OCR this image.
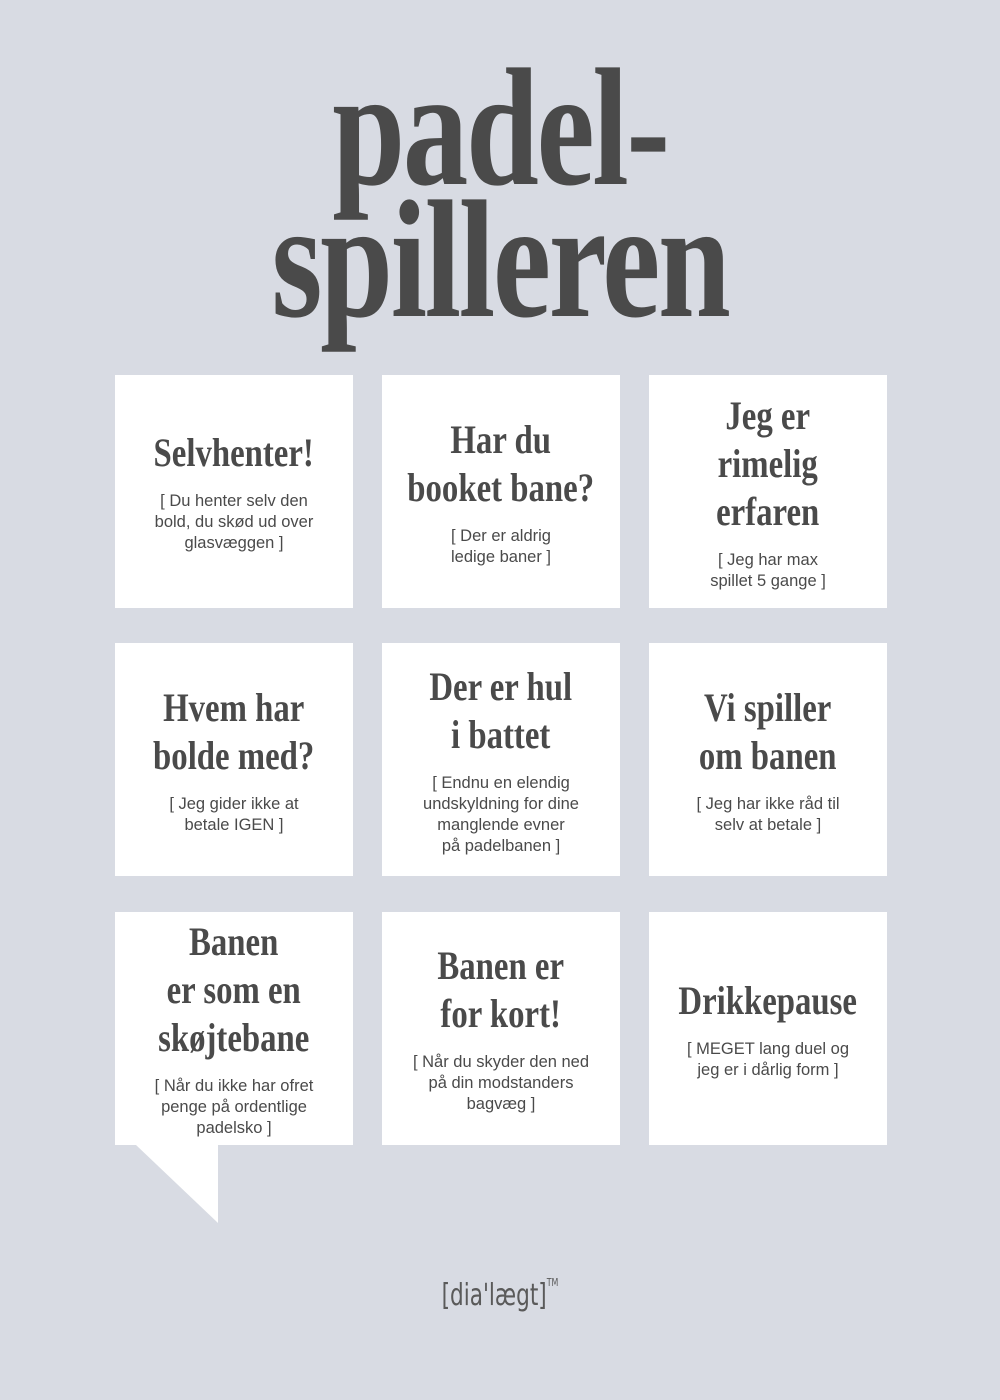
padel-
spilleren
Selvhenter!
[ Du henter selv den
bold, du skød ud over
glasvæggen ]
Har du
booket bane?
[ Der er aldrig
ledige baner ]
Jeg er
rimelig
erfaren
[ Jeg har max
spillet 5 gange ]
Hvem har
bolde med?
[ Jeg gider ikke at
betale IGEN ]
Der er hul
i battet
[ Endnu en elendig
undskyldning for dine
manglende evner
på padelbanen ]
Vi spiller
om banen
[ Jeg har ikke råd til
selv at betale ]
Banen
er som en
skøjtebane
[ Når du ikke har ofret
penge på ordentlige
padelsko ]
Banen er
for kort!
[ Når du skyder den ned
på din modstanders
bagvæg ]
Drikkepause
[ MEGET lang duel og
jeg er i dårlig form ]
[dia'lægt]™
